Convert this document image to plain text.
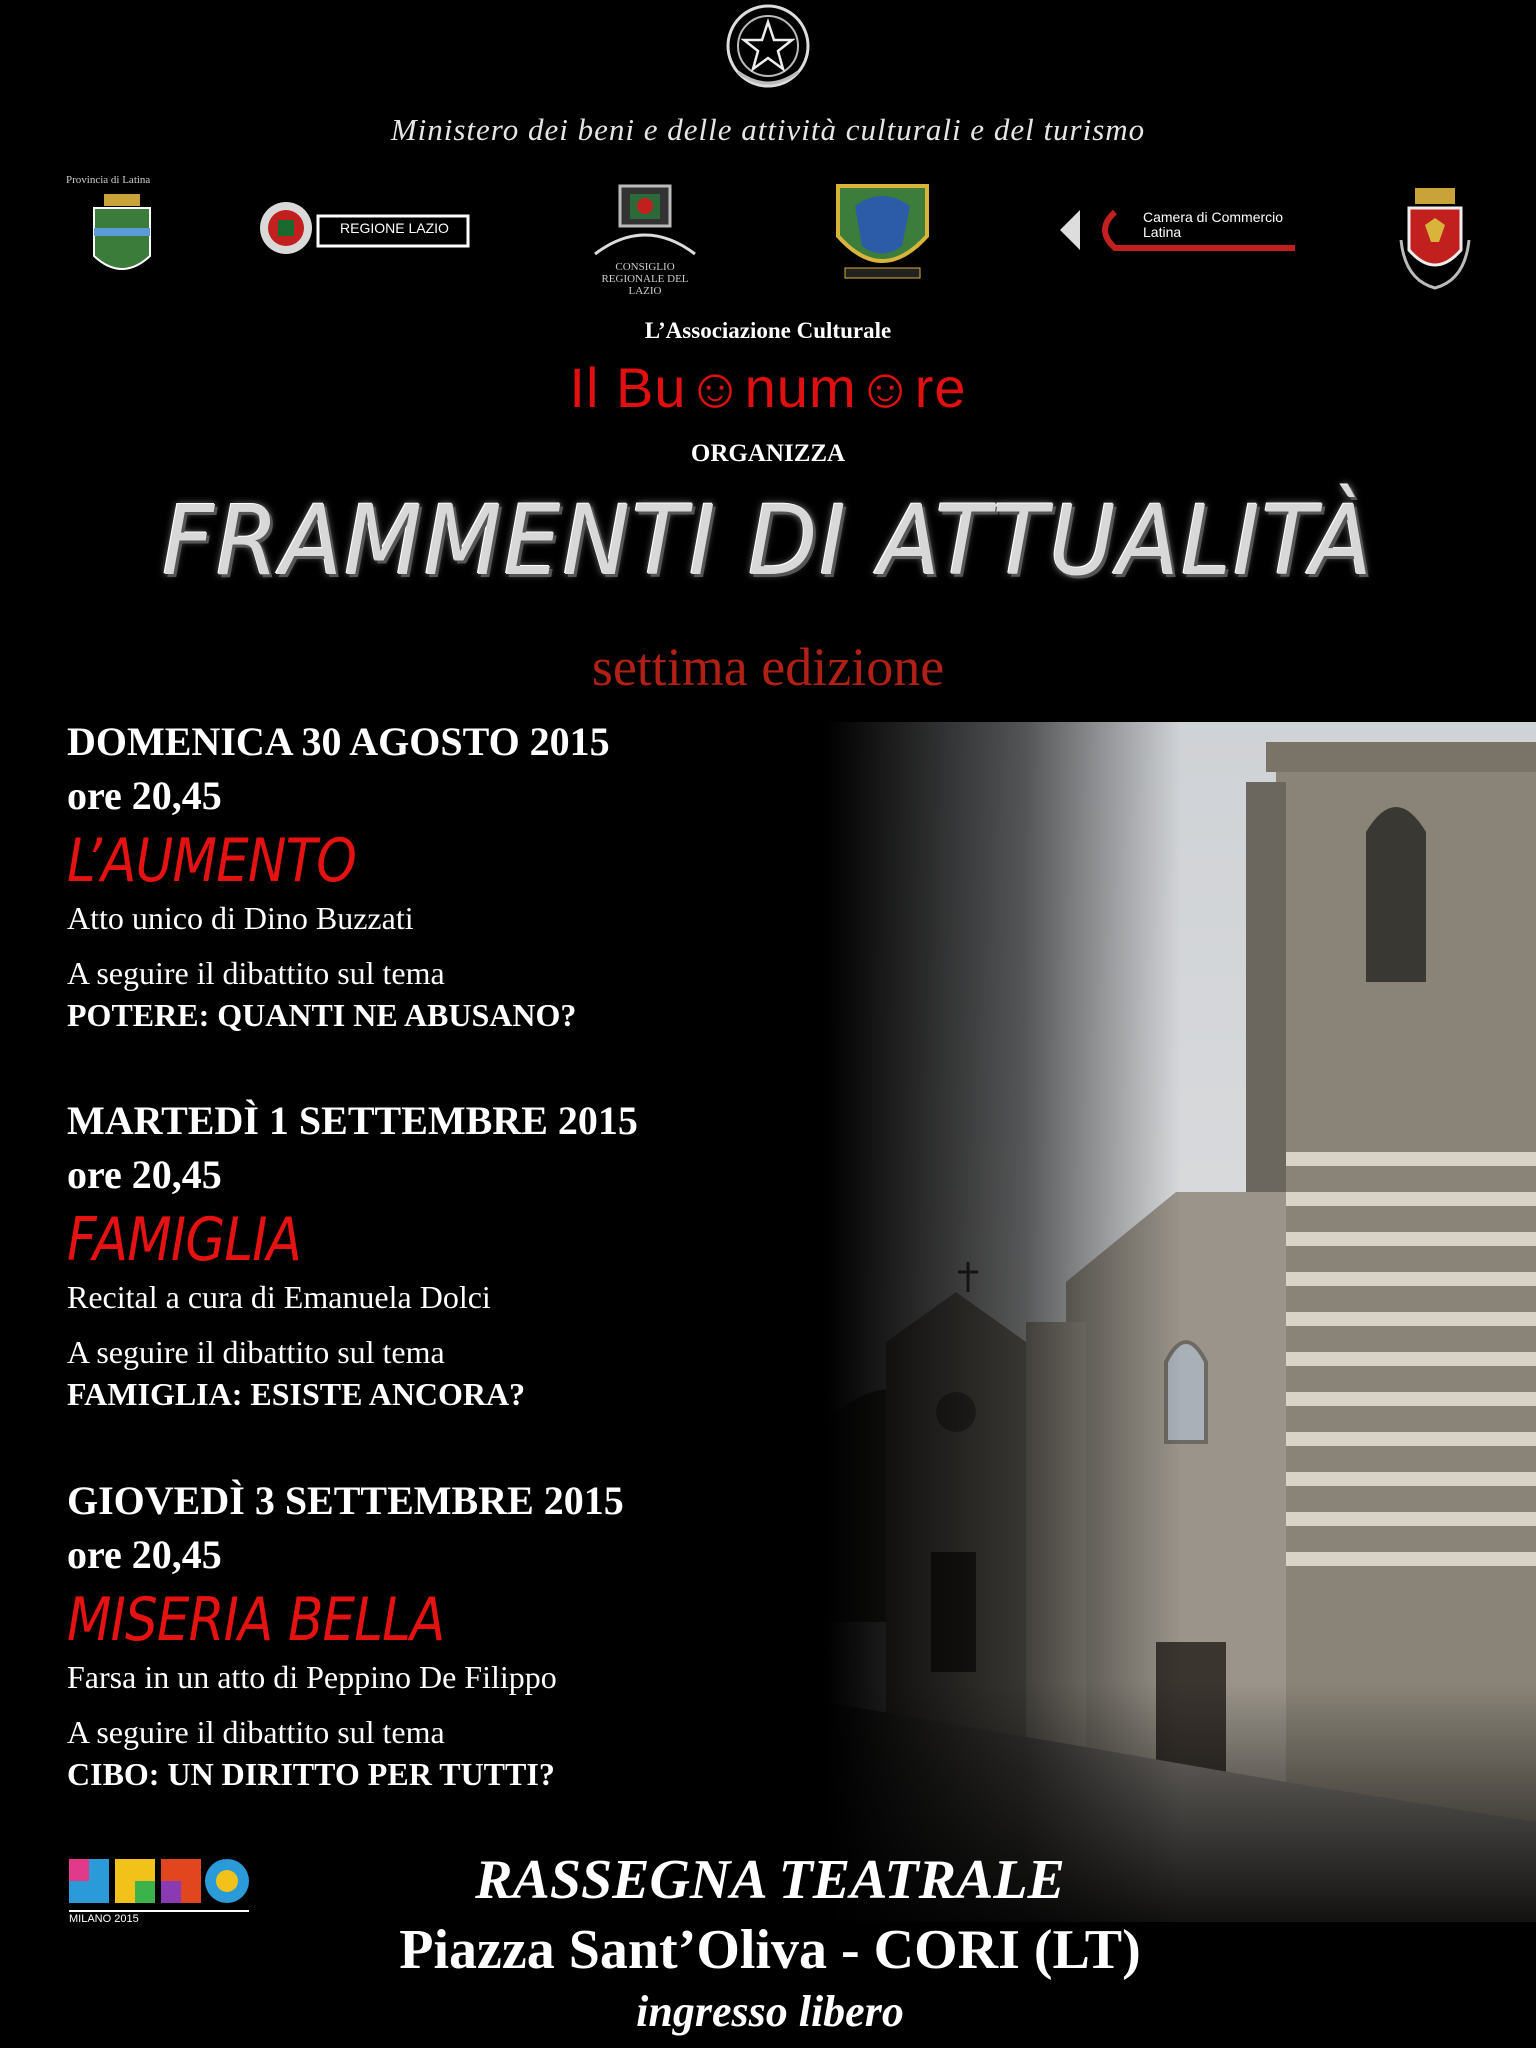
Ministero dei beni e delle attività culturali e del turismo
Provincia di Latina
REGIONE LAZIO
CONSIGLIO REGIONALE DEL LAZIO
Camera di Commercio Latina
L’Associazione Culturale
Il Bu☺num☺re
ORGANIZZA
FRAMMENTI DI ATTUALITÀ
settima edizione
DOMENICA 30 AGOSTO 2015
ore 20,45
L’AUMENTO
Atto unico di Dino Buzzati
A seguire il dibattito sul tema
POTERE: QUANTI NE ABUSANO?
MARTEDÌ 1 SETTEMBRE 2015
ore 20,45
FAMIGLIA
Recital a cura di Emanuela Dolci
A seguire il dibattito sul tema
FAMIGLIA: ESISTE ANCORA?
GIOVEDÌ 3 SETTEMBRE 2015
ore 20,45
MISERIA BELLA
Farsa in un atto di Peppino De Filippo
A seguire il dibattito sul tema
CIBO: UN DIRITTO PER TUTTI?
MILANO 2015
RASSEGNA TEATRALE
Piazza Sant’Oliva - CORI (LT)
ingresso libero
